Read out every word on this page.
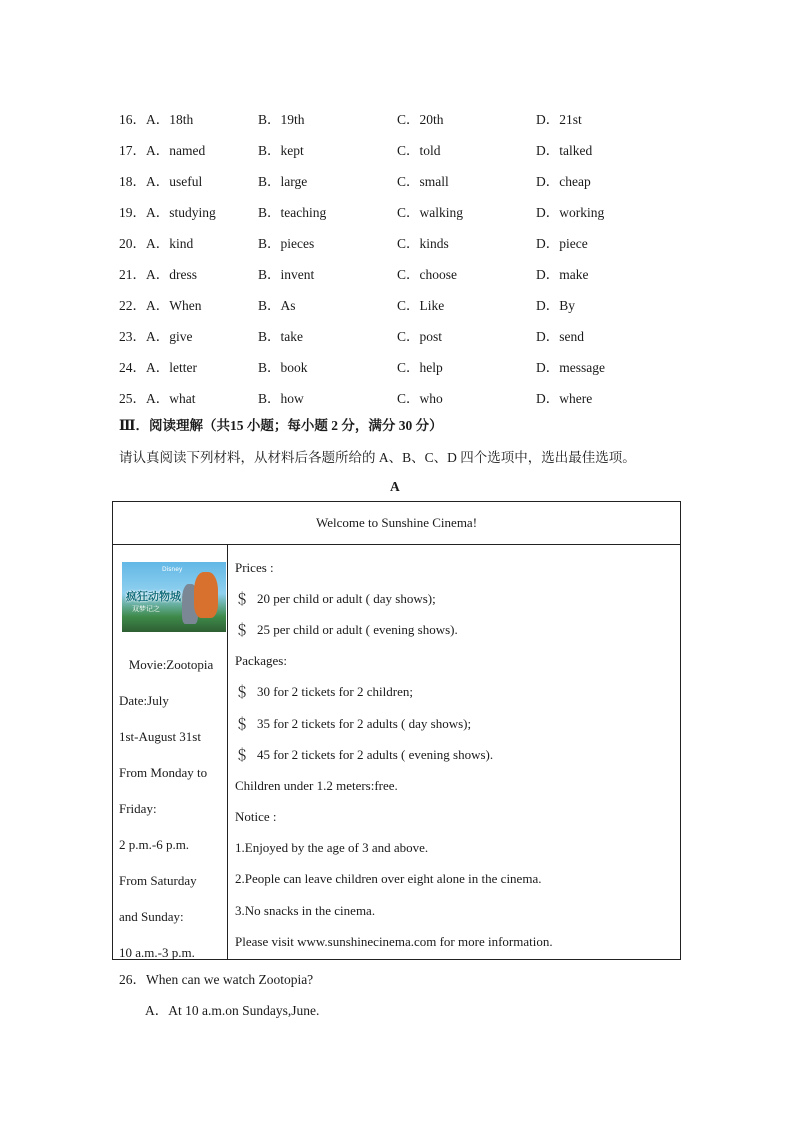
16．A．18th	B．19th	C．20th	D．21st
17．A．named	B．kept	C．told	D．talked
18．A．useful	B．large	C．small	D．cheap
19．A．studying	B．teaching	C．walking	D．working
20．A．kind	B．pieces	C．kinds	D．piece
21．A．dress	B．invent	C．choose	D．make
22．A．When	B．As	C．Like	D．By
23．A．give	B．take	C．post	D．send
24．A．letter	B．book	C．help	D．message
25．A．what	B．how	C．who	D．where
Ⅲ．阅读理解（共15 小题；每小题 2 分，满分 30 分）
请认真阅读下列材料，从材料后各题所给的 A、B、C、D 四个选项中，选出最佳选项。
A
Welcome to Sunshine Cinema!
Disney
疯狂动物城
双梦记之
Movie:Zootopia
Date:July
1st-August 31st
From Monday to
Friday:
2 p.m.-6 p.m.
From Saturday
and Sunday:
10 a.m.-3 p.m.
Prices :
＄ 20 per child or adult ( day shows);
＄ 25 per child or adult ( evening shows).
Packages:
＄ 30 for 2 tickets for 2 children;
＄ 35 for 2 tickets for 2 adults ( day shows);
＄ 45 for 2 tickets for 2 adults ( evening shows).
Children under 1.2 meters:free.
Notice :
1.Enjoyed by the age of 3 and above.
2.People can leave children over eight alone in the cinema.
3.No snacks in the cinema.
Please visit www.sunshinecinema.com for more information.
26．When can we watch Zootopia?
A．At 10 a.m.on Sundays,June.
